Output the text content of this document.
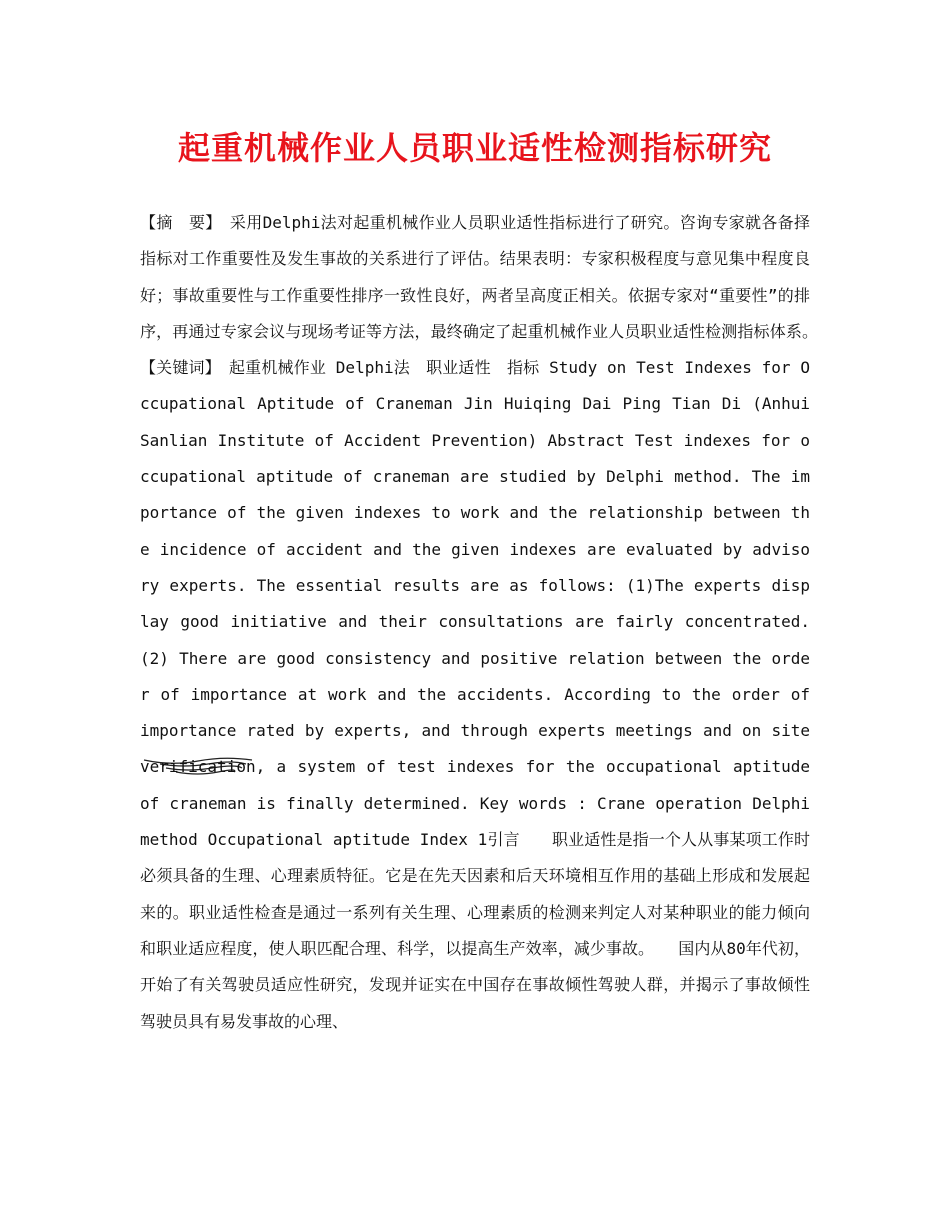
起重机械作业人员职业适性检测指标研究
【摘　要】　采用Delphi法对起重机械作业人员职业适性指标进行了研究。咨询专家就各备择指标对工作重要性及发生事故的关系进行了评估。结果表明：专家积极程度与意见集中程度良好；事故重要性与工作重要性排序一致性良好，两者呈高度正相关。依据专家对“重要性”的排序，再通过专家会议与现场考证等方法，最终确定了起重机械作业人员职业适性检测指标体系。　【关键词】　起重机械作业 Delphi法　职业适性　指标 Study on Test Indexes for Occupational Aptitude of Craneman Jin Huiqing Dai Ping Tian Di (Anhui Sanlian Institute of Accident Prevention) Abstract Test indexes for occupational aptitude of craneman are studied by Delphi method. The importance of the given indexes to work and the relationship between the incidence of accident and the given indexes are evaluated by advisory experts. The essential results are as follows: (1)The experts display good initiative and their consultations are fairly concentrated. (2) There are good consistency and positive relation between the order of importance at work and the accidents. According to the order of importance rated by experts, and through experts meetings and on site verification, a system of test indexes for the occupational aptitude of craneman is finally determined. Key words : Crane operation Delphi method Occupational aptitude Index 1引言　　职业适性是指一个人从事某项工作时必须具备的生理、心理素质特征。它是在先天因素和后天环境相互作用的基础上形成和发展起来的。职业适性检查是通过一系列有关生理、心理素质的检测来判定人对某种职业的能力倾向和职业适应程度，使人职匹配合理、科学，以提高生产效率，减少事故。　　国内从80年代初，开始了有关驾驶员适应性研究，发现并证实在中国存在事故倾性驾驶人群，并揭示了事故倾性驾驶员具有易发事故的心理、
